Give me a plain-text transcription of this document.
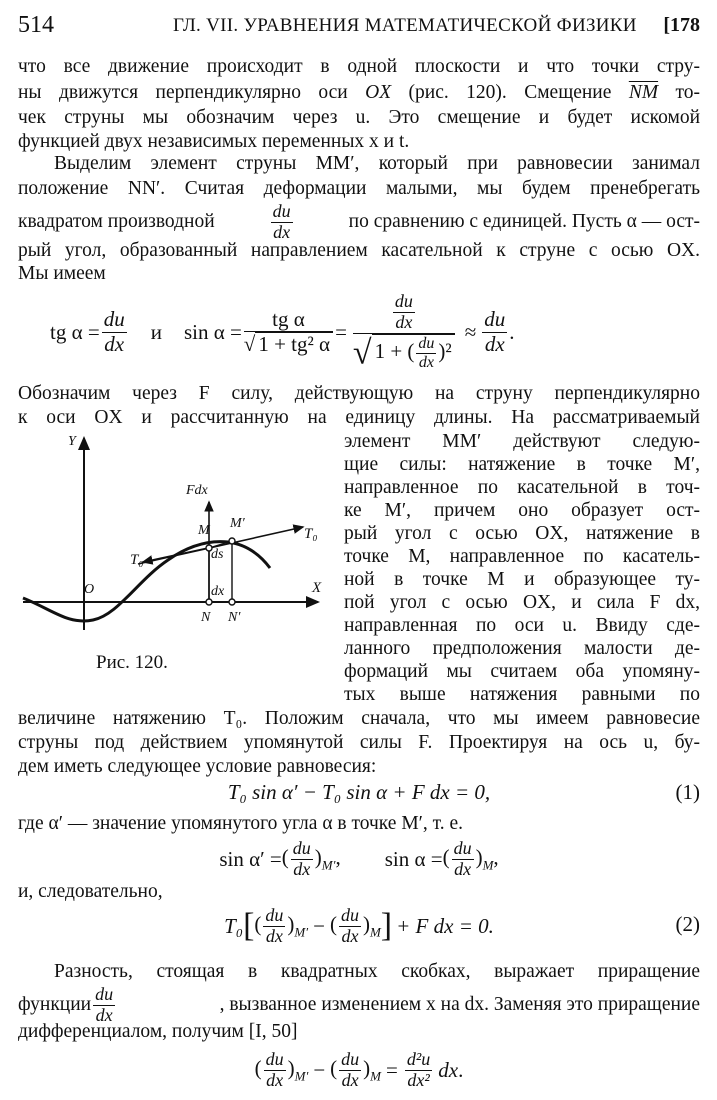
514	ГЛ. VII. УРАВНЕНИЯ МАТЕМАТИЧЕСКОЙ ФИЗИКИ [178
что все движение происходит в одной плоскости и что точки стру-
ны движутся перпендикулярно оси OX (рис. 120). Смещение $\overline{NM}$ то-
чек струны мы обозначим через u. Это смещение и будет искомой
функцией двух независимых переменных x и t.
Выделим элемент струны MM′, который при равновесии занимал
положение NN′. Считая деформации малыми, мы будем пренебрегать
квадратом производной	$\frac{du}{dx}$	по сравнению с единицей. Пусть α — ост-
рый угол, образованный направлением касательной к струне с осью OX.
Мы имеем
tg $\alpha = \frac{du}{dx}$ и $\sin \alpha = \frac{\text{tg α}}{\text{√ 1 + tg² α}} = \frac{\frac{du}{dx}}{√ 1 + ( \frac{du}{dx} )^2} \approx \frac{du}{dx}$ .
Обозначим через F силу, действующую на струну перпендикулярно
к оси OX и рассчитанную на единицу длины. На рассматриваемый
элемент MM′ действуют следую-
щие силы: натяжение в точке M′,
направленное по касательной в точ-
ке M′, причем оно образует ост-
рый угол с осью OX, натяжение в
точке M, направленное по касатель-
ной в точке M и образующее ту-
пой угол с осью OX, и сила F dx,
направленная по оси u. Ввиду сде-
ланного предположения малости де-
формаций мы считаем оба упомяну-
тых выше натяжения равными по
Y
X
O
Fdx
M M′
N N′
T₀
T₀
ds
dx
Рис. 120.
величине натяжению T₀. Положим сначала, что мы имеем равновесие
струны под действием упомянутой силы F. Проектируя на ось u, бу-
дем иметь следующее условие равновесия:
T₀ sin α′ − T₀ sin α + F dx = 0,	(1)
где α′ — значение упомянутого угла α в точке M′, т. е.
sin α′ = ( $\frac{du}{dx} )_{M'}$, sin α = ( $\frac{du}{dx} )_M$,
и, следовательно,
T₀ [ ( $\frac{du}{dx} )_{M'}$ − ( $\frac{du}{dx} )_M$ ] + F dx = 0.	(2)
Разность, стоящая в квадратных скобках, выражает приращение
функции $\frac{du}{dx}$	, вызванное изменением x на dx. Заменяя это приращение
дифференциалом, получим [I, 50]
( $\frac{du}{dx} )_{M'}$ − ( $\frac{du}{dx} )_M = \frac{\text{d²u}}{\text{dx²}}$ dx .
